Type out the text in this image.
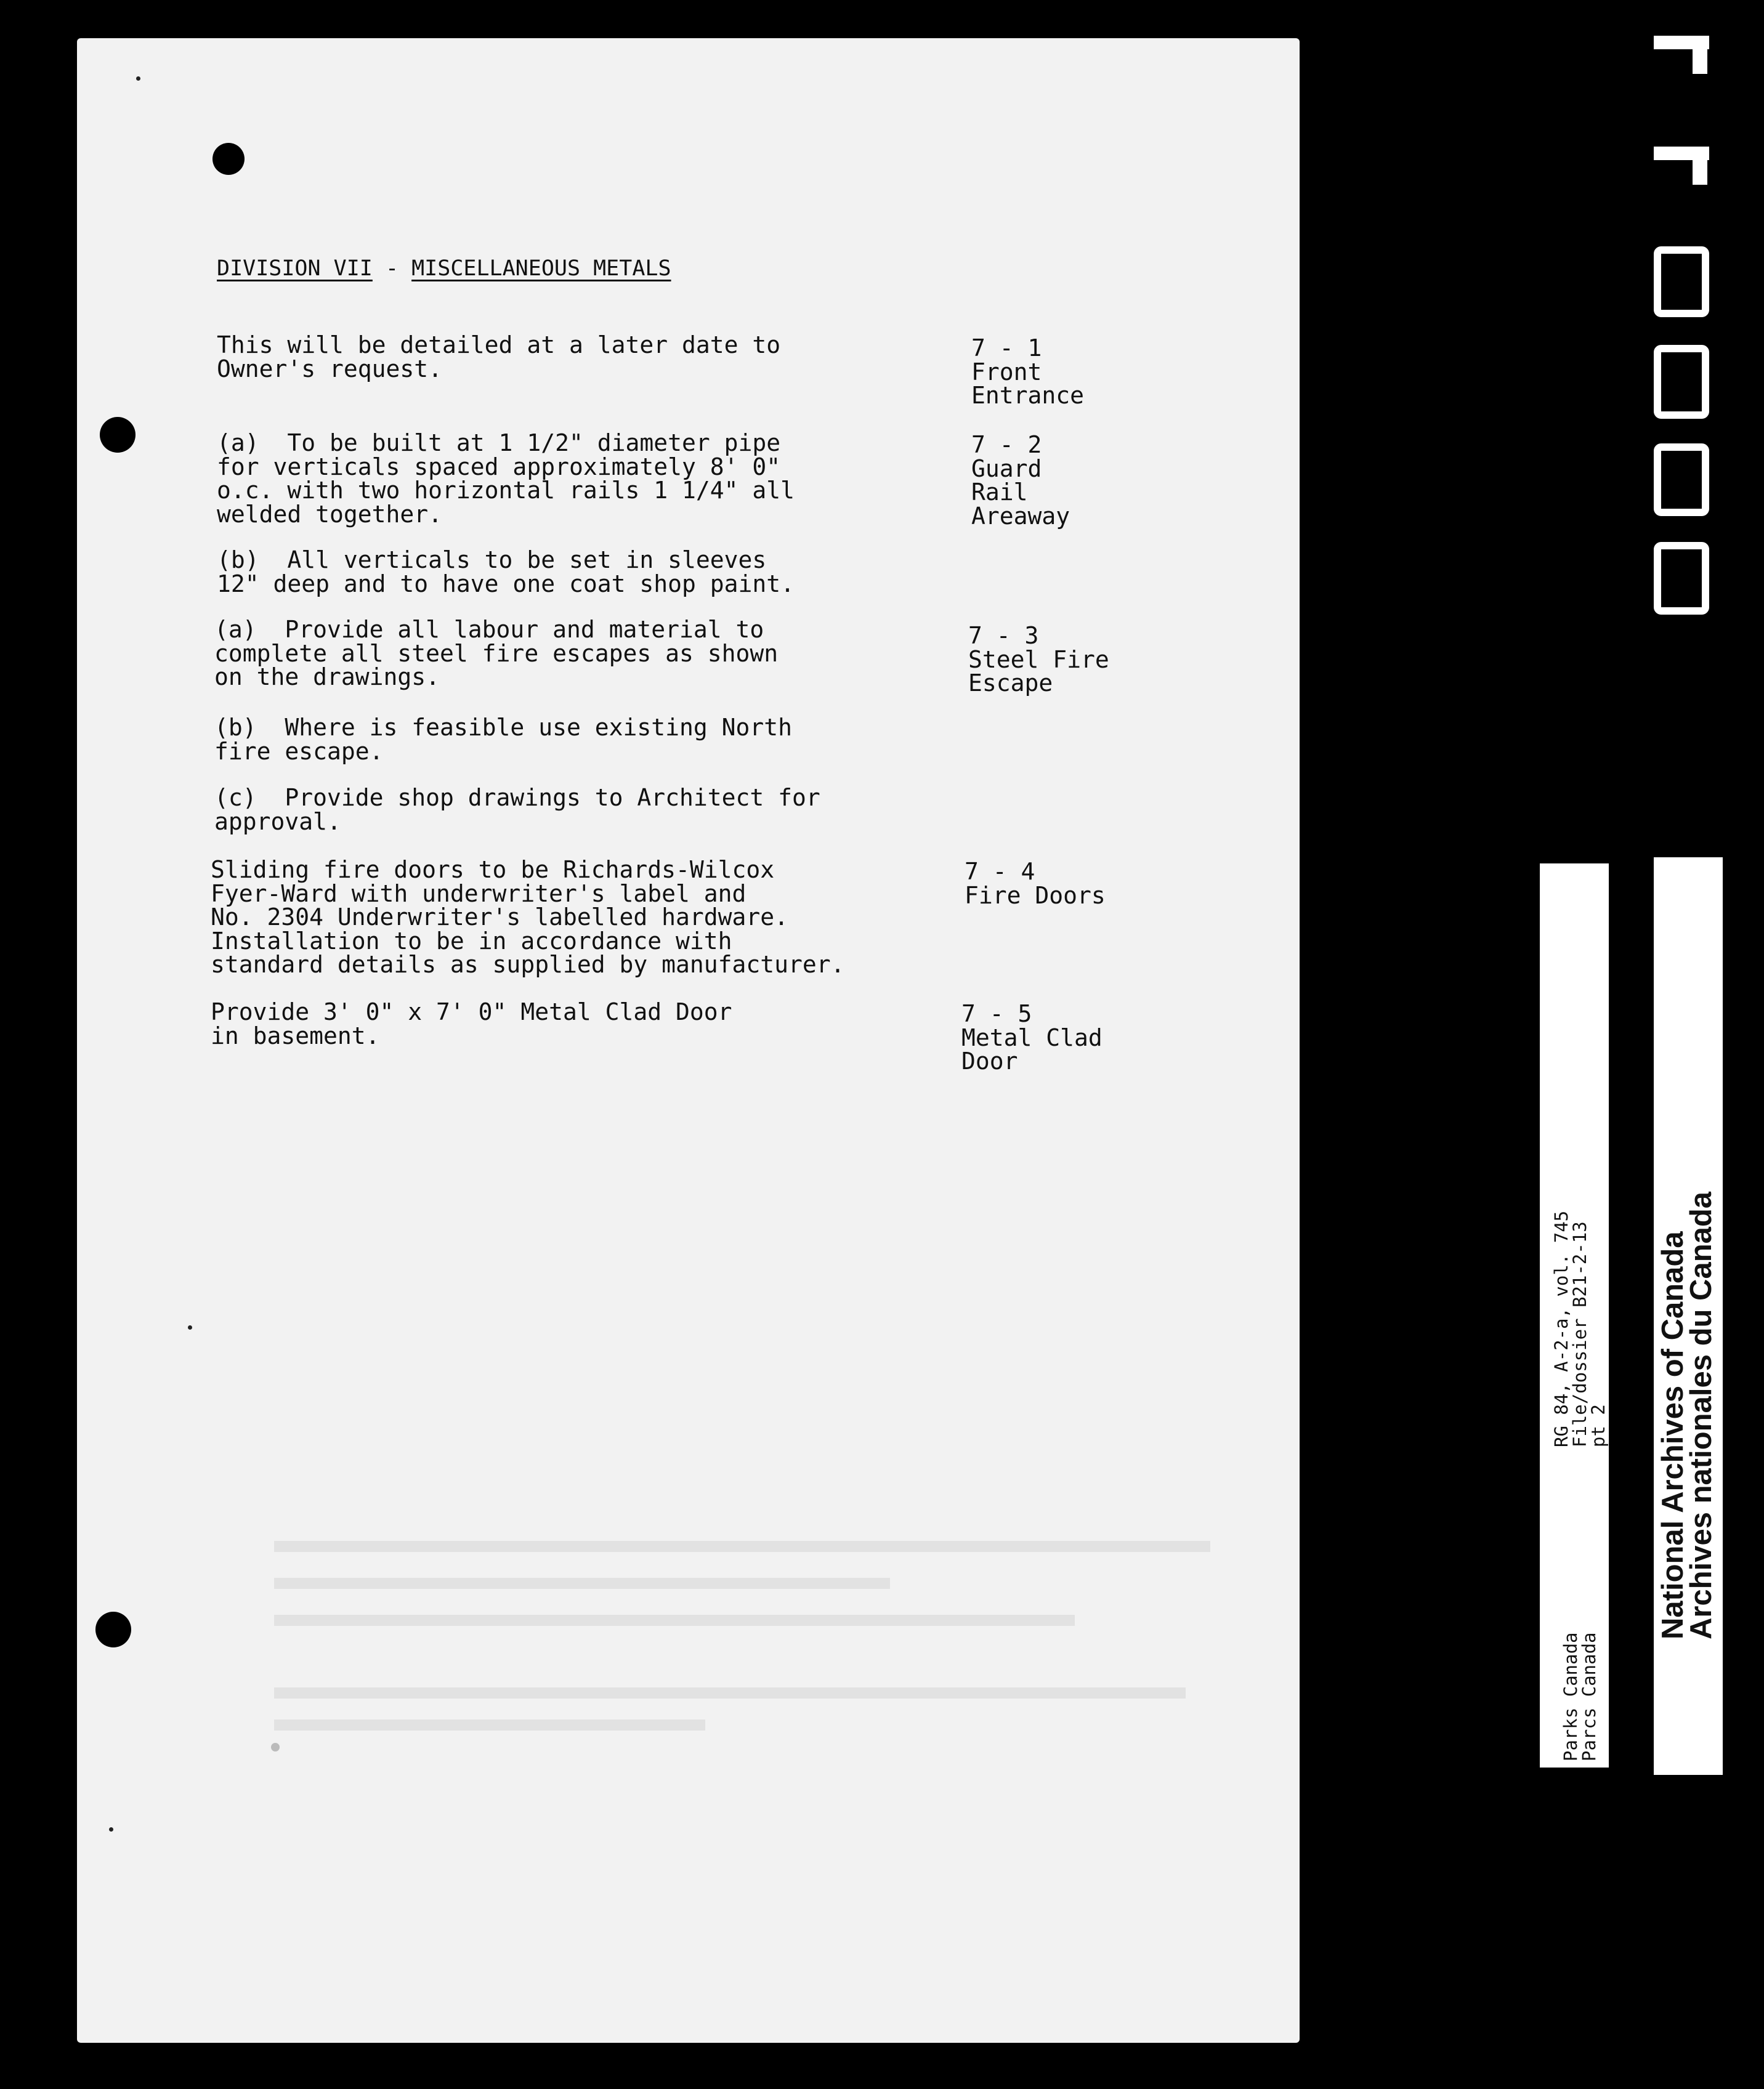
DIVISION VII - MISCELLANEOUS METALS
This will be detailed at a later date to
Owner's request.
7 - 1
Front
Entrance
(a)  To be built at 1 1/2" diameter pipe
for verticals spaced approximately 8' 0"
o.c. with two horizontal rails 1 1/4" all
welded together.
7 - 2
Guard
Rail
Areaway
(b)  All verticals to be set in sleeves
12" deep and to have one coat shop paint.
(a)  Provide all labour and material to
complete all steel fire escapes as shown
on the drawings.
7 - 3
Steel Fire
Escape
(b)  Where is feasible use existing North
fire escape.
(c)  Provide shop drawings to Architect for
approval.
Sliding fire doors to be Richards-Wilcox
Fyer-Ward with underwriter's label and
No. 2304 Underwriter's labelled hardware.
Installation to be in accordance with
standard details as supplied by manufacturer.
7 - 4
Fire Doors
Provide 3' 0" x 7' 0" Metal Clad Door
in basement.
7 - 5
Metal Clad
Door
RG 84, A-2-a, vol. 745
File/dossier B21-2-13
pt 2
Parks Canada
Parcs Canada
National Archives of Canada
Archives nationales du Canada
